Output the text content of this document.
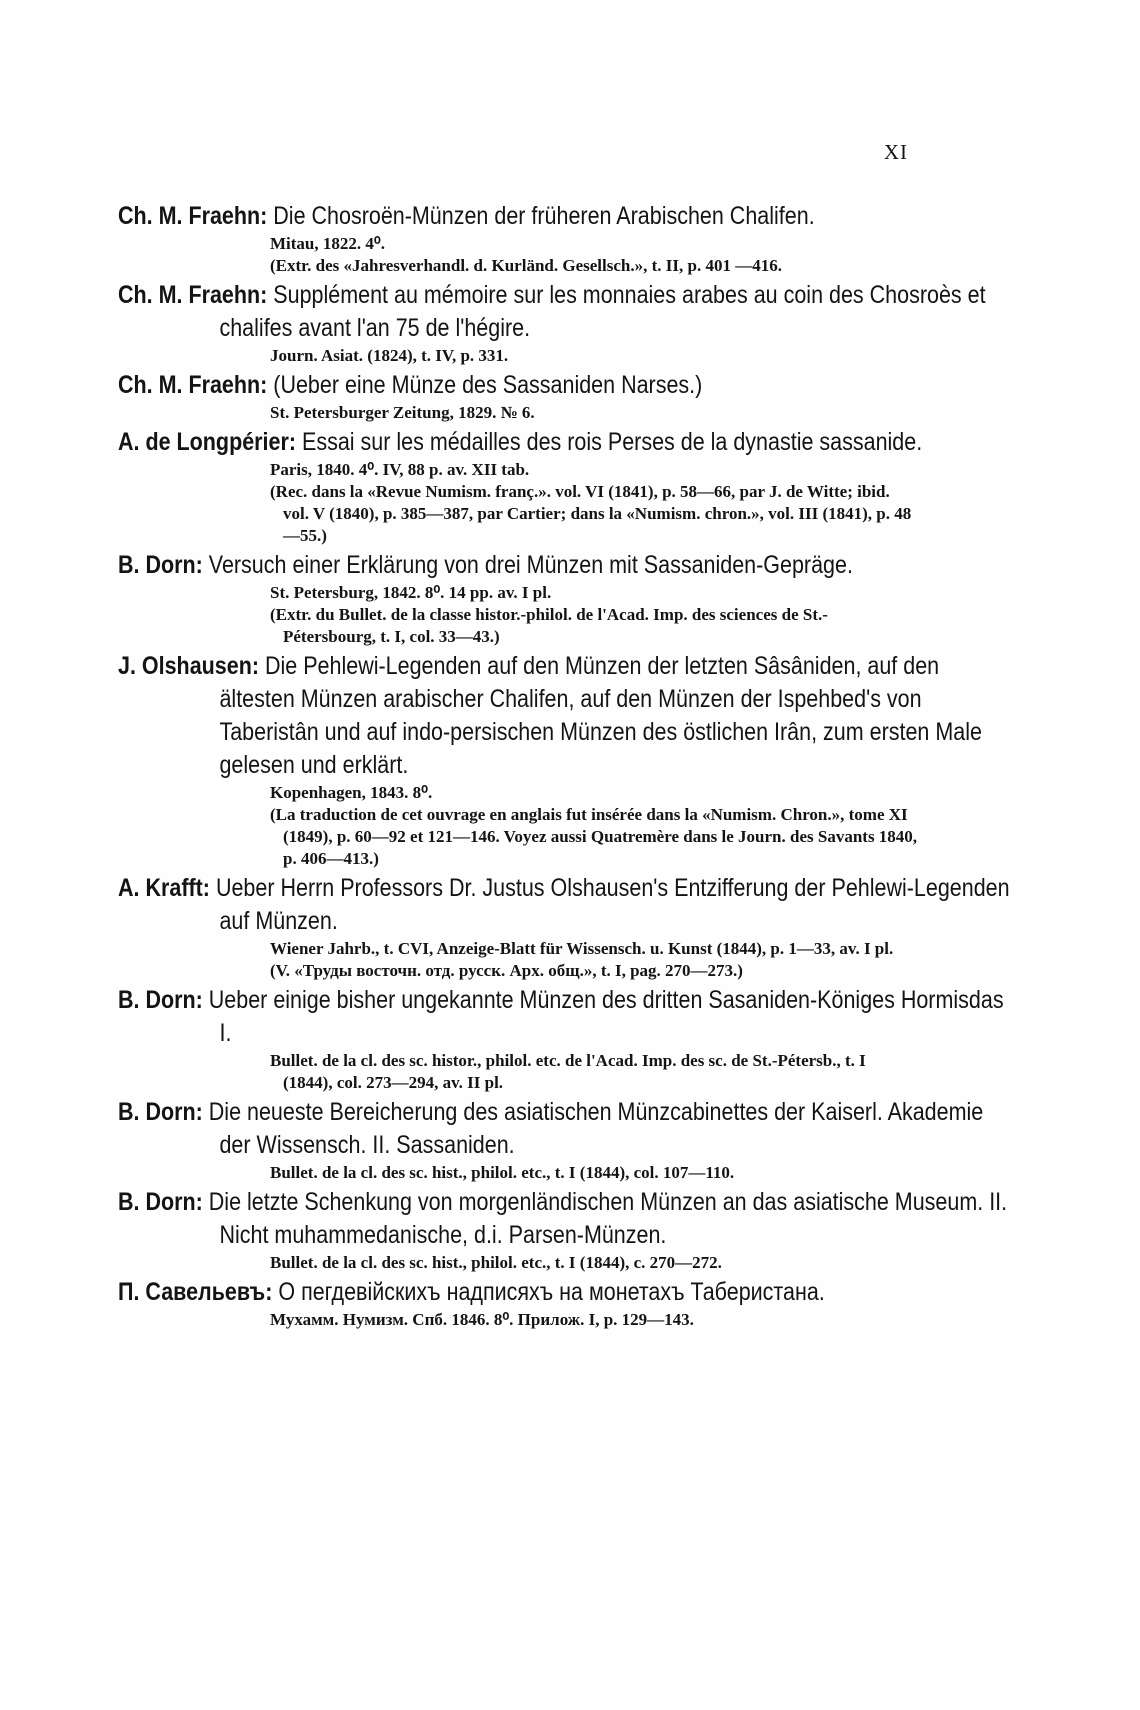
XI
Ch. M. Fraehn: Die Chosroën-Münzen der früheren Arabischen Chalifen.
Mitau, 1822. 4⁰.
(Extr. des «Jahresverhandl. d. Kurländ. Gesellsch.», t. II, p. 401 —416.
Ch. M. Fraehn: Supplément au mémoire sur les monnaies arabes au coin des Chosroès et chalifes avant l'an 75 de l'hégire.
Journ. Asiat. (1824), t. IV, p. 331.
Ch. M. Fraehn: (Ueber eine Münze des Sassaniden Narses.)
St. Petersburger Zeitung, 1829. № 6.
A. de Longpérier: Essai sur les médailles des rois Perses de la dynastie sassanide.
Paris, 1840. 4⁰. IV, 88 p. av. XII tab.
(Rec. dans la «Revue Numism. franç.». vol. VI (1841), p. 58—66, par J. de Witte; ibid. vol. V (1840), p. 385—387, par Cartier; dans la «Numism. chron.», vol. III (1841), p. 48—55.)
B. Dorn: Versuch einer Erklärung von drei Münzen mit Sassaniden-Gepräge.
St. Petersburg, 1842. 8⁰. 14 pp. av. I pl.
(Extr. du Bullet. de la classe histor.-philol. de l'Acad. Imp. des sciences de St.-Pétersbourg, t. I, col. 33—43.)
J. Olshausen: Die Pehlewi-Legenden auf den Münzen der letzten Sâsâniden, auf den ältesten Münzen arabischer Chalifen, auf den Münzen der Ispehbed's von Taberistân und auf indo-persischen Münzen des östlichen Irân, zum ersten Male gelesen und erklärt.
Kopenhagen, 1843. 8⁰.
(La traduction de cet ouvrage en anglais fut insérée dans la «Numism. Chron.», tome XI (1849), p. 60—92 et 121—146. Voyez aussi Quatremère dans le Journ. des Savants 1840, p. 406—413.)
A. Krafft: Ueber Herrn Professors Dr. Justus Olshausen's Entzifferung der Pehlewi-Legenden auf Münzen.
Wiener Jahrb., t. CVI, Anzeige-Blatt für Wissensch. u. Kunst (1844), p. 1—33, av. I pl.
(V. «Труды восточн. отд. русск. Арх. общ.», t. I, pag. 270—273.)
B. Dorn: Ueber einige bisher ungekannte Münzen des dritten Sasaniden-Königes Hormisdas I.
Bullet. de la cl. des sc. histor., philol. etc. de l'Acad. Imp. des sc. de St.-Pétersb., t. I (1844), col. 273—294, av. II pl.
B. Dorn: Die neueste Bereicherung des asiatischen Münzcabinettes der Kaiserl. Akademie der Wissensch. II. Sassaniden.
Bullet. de la cl. des sc. hist., philol. etc., t. I (1844), col. 107—110.
B. Dorn: Die letzte Schenkung von morgenländischen Münzen an das asiatische Museum. II. Nicht muhammedanische, d.i. Parsen-Münzen.
Bullet. de la cl. des sc. hist., philol. etc., t. I (1844), c. 270—272.
П. Савельевъ: О пегдевійскихъ надписяхъ на монетахъ Таберистана.
Мухамм. Нумизм. Спб. 1846. 8⁰. Прилож. I, p. 129—143.
